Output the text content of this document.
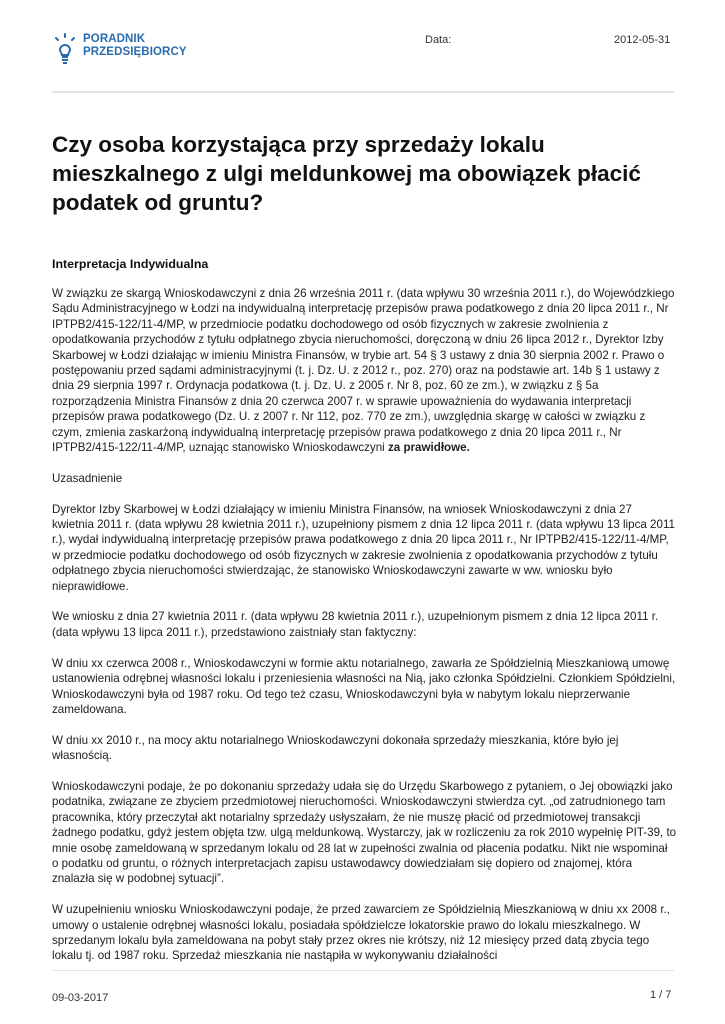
PORADNIK
PRZEDSIĘBIORCY
Data:	2012-05-31
Czy osoba korzystająca przy sprzedaży lokalu mieszkalnego z ulgi meldunkowej ma obowiązek płacić podatek od gruntu?
Interpretacja Indywidualna

W związku ze skargą Wnioskodawczyni z dnia 26 września 2011 r. (data wpływu 30 września 2011 r.), do Wojewódzkiego Sądu Administracyjnego w Łodzi na indywidualną interpretację przepisów prawa podatkowego z dnia 20 lipca 2011 r., Nr IPTPB2/415-122/11-4/MP, w przedmiocie podatku dochodowego od osób fizycznych w zakresie zwolnienia z opodatkowania przychodów z tytułu odpłatnego zbycia nieruchomości, doręczoną w dniu 26 lipca 2012 r., Dyrektor Izby Skarbowej w Łodzi działając w imieniu Ministra Finansów, w trybie art. 54 § 3 ustawy z dnia 30 sierpnia 2002 r. Prawo o postępowaniu przed sądami administracyjnymi (t. j. Dz. U. z 2012 r., poz. 270) oraz na podstawie art. 14b § 1 ustawy z dnia 29 sierpnia 1997 r. Ordynacja podatkowa (t. j. Dz. U. z 2005 r. Nr 8, poz. 60 ze zm.), w związku z § 5a rozporządzenia Ministra Finansów z dnia 20 czerwca 2007 r. w sprawie upoważnienia do wydawania interpretacji przepisów prawa podatkowego (Dz. U. z 2007 r. Nr 112, poz. 770 ze zm.), uwzględnia skargę w całości w związku z czym, zmienia zaskarżoną indywidualną interpretację przepisów prawa podatkowego z dnia 20 lipca 2011 r., Nr IPTPB2/415-122/11-4/MP, uznając stanowisko Wnioskodawczyni za prawidłowe.

Uzasadnienie

Dyrektor Izby Skarbowej w Łodzi działający w imieniu Ministra Finansów, na wniosek Wnioskodawczyni z dnia 27 kwietnia 2011 r. (data wpływu 28 kwietnia 2011 r.), uzupełniony pismem z dnia 12 lipca 2011 r. (data wpływu 13 lipca 2011 r.), wydał indywidualną interpretację przepisów prawa podatkowego z dnia 20 lipca 2011 r., Nr IPTPB2/415-122/11-4/MP, w przedmiocie podatku dochodowego od osób fizycznych w zakresie zwolnienia z opodatkowania przychodów z tytułu odpłatnego zbycia nieruchomości stwierdzając, że stanowisko Wnioskodawczyni zawarte w ww. wniosku było nieprawidłowe.

We wniosku z dnia 27 kwietnia 2011 r. (data wpływu 28 kwietnia 2011 r.), uzupełnionym pismem z dnia 12 lipca 2011 r. (data wpływu 13 lipca 2011 r.), przedstawiono zaistniały stan faktyczny:

W dniu xx czerwca 2008 r., Wnioskodawczyni w formie aktu notarialnego, zawarła ze Spółdzielnią Mieszkaniową umowę ustanowienia odrębnej własności lokalu i przeniesienia własności na Nią, jako członka Spółdzielni. Członkiem Spółdzielni, Wnioskodawczyni była od 1987 roku. Od tego też czasu, Wnioskodawczyni była w nabytym lokalu nieprzerwanie zameldowana.

W dniu xx 2010 r., na mocy aktu notarialnego Wnioskodawczyni dokonała sprzedaży mieszkania, które było jej własnością.

Wnioskodawczyni podaje, że po dokonaniu sprzedaży udała się do Urzędu Skarbowego z pytaniem, o Jej obowiązki jako podatnika, związane ze zbyciem przedmiotowej nieruchomości. Wnioskodawczyni stwierdza cyt. „od zatrudnionego tam pracownika, który przeczytał akt notarialny sprzedaży usłyszałam, że nie muszę płacić od przedmiotowej transakcji żadnego podatku, gdyż jestem objęta tzw. ulgą meldunkową. Wystarczy, jak w rozliczeniu za rok 2010 wypełnię PIT-39, to mnie osobę zameldowaną w sprzedanym lokalu od 28 lat w zupełności zwalnia od płacenia podatku. Nikt nie wspominał o podatku od gruntu, o różnych interpretacjach zapisu ustawodawcy dowiedziałam się dopiero od znajomej, która znalazła się w podobnej sytuacji”.

W uzupełnieniu wniosku Wnioskodawczyni podaje, że przed zawarciem ze Spółdzielnią Mieszkaniową w dniu xx 2008 r., umowy o ustalenie odrębnej własności lokalu, posiadała spółdzielcze lokatorskie prawo do lokalu mieszkalnego. W sprzedanym lokalu była zameldowana na pobyt stały przez okres nie krótszy, niż 12 miesięcy przed datą zbycia tego lokalu tj. od 1987 roku. Sprzedaż mieszkania nie nastąpiła w wykonywaniu działalności

09-03-2017	1 / 7
